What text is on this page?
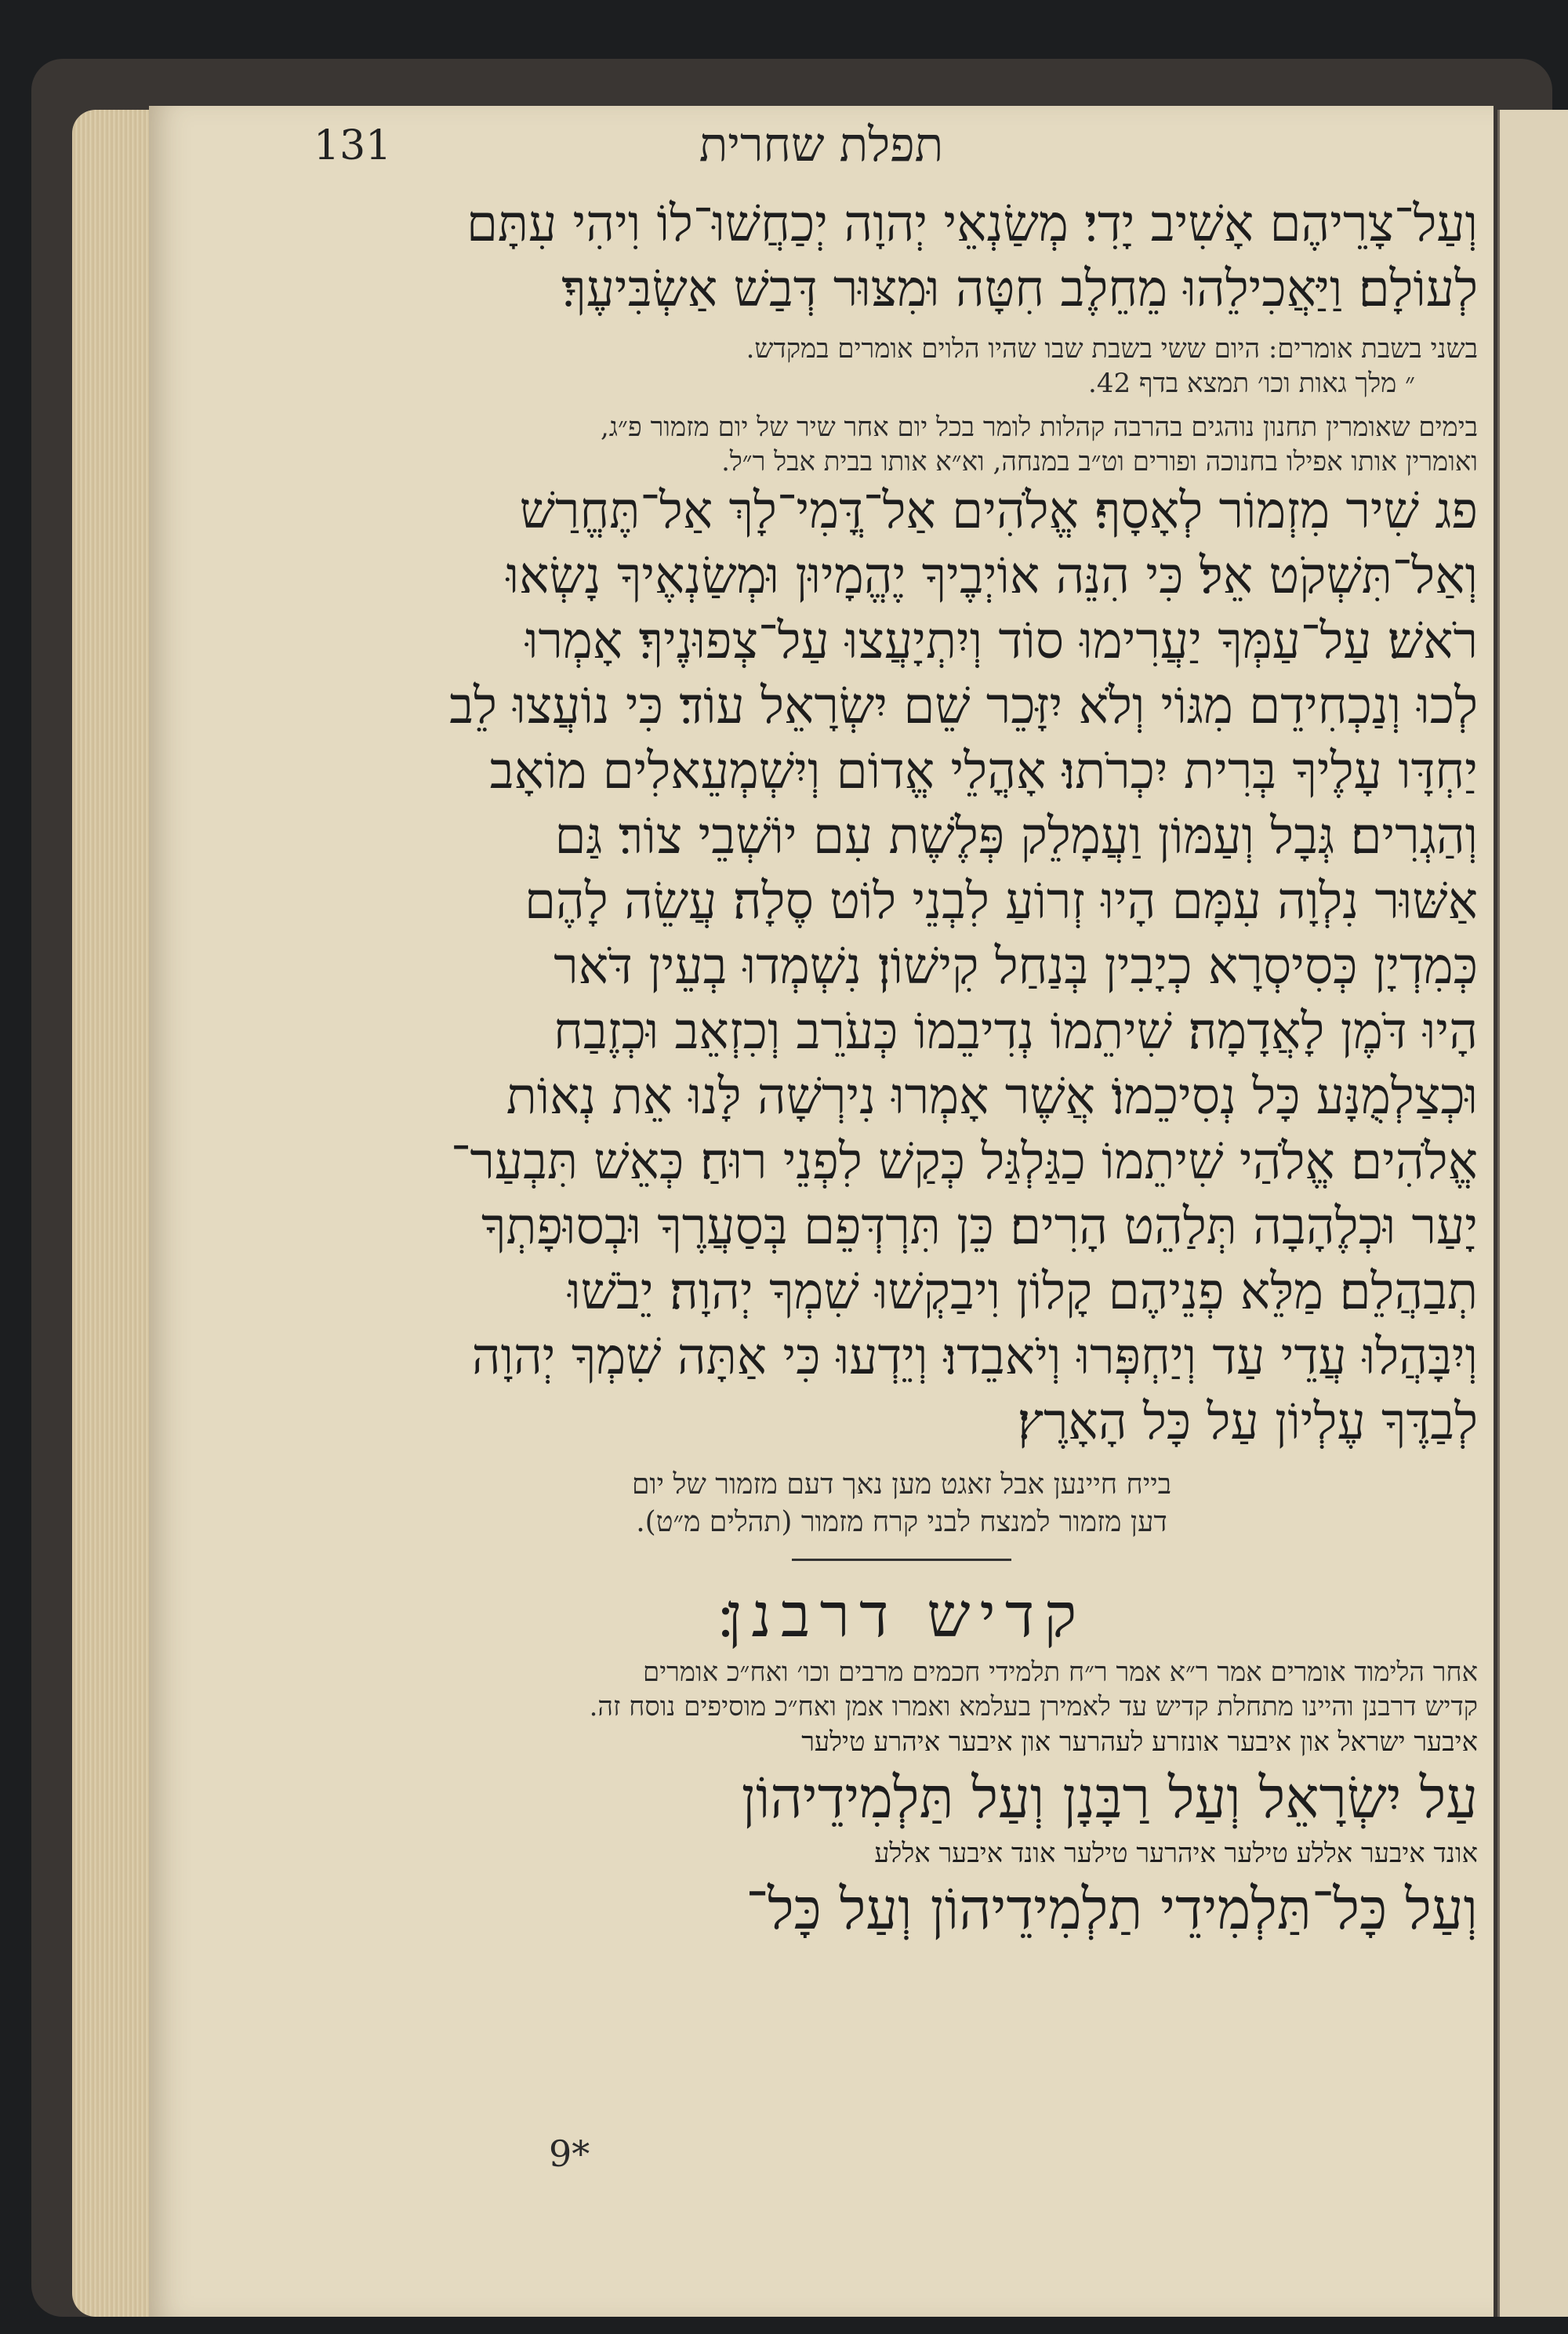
תפלת שחרית
131
וְעַל־צָרֵיהֶם אָשִׁיב יָדִי׃ מְשַׂנְאֵי יְהוָה יְכַחֲשׁוּ־לוֹ וִיהִי עִתָּם
לְעוֹלָם׃ וַיַּאֲכִילֵהוּ מֵחֵלֶב חִטָּה וּמִצּוּר דְּבַשׁ אַשְׂבִּיעֶךָ׃
בשני בשבת אומרים: היום ששי בשבת שבו שהיו הלוים אומרים במקדש.
״ מלך גאות וכו׳ תמצא בדף 42.
בימים שאומרין תחנון נוהגים בהרבה קהלות לומר בכל יום אחר שיר של יום מזמור פ״ג,
ואומרין אותו אפילו בחנוכה ופורים וט״ב במנחה, וא״א אותו בבית אבל ר״ל.
פג שִׁיר מִזְמוֹר לְאָסָף׃ אֱלֹהִים אַל־דֳּמִי־לָךְ אַל־תֶּחֱרַשׁ
וְאַל־תִּשְׁקֹט אֵל׃ כִּי הִנֵּה אוֹיְבֶיךָ יֶהֱמָיוּן וּמְשַׂנְאֶיךָ נָשְׂאוּ
רֹאשׁ׃ עַל־עַמְּךָ יַעֲרִימוּ סוֹד וְיִתְיָעֲצוּ עַל־צְפוּנֶיךָ׃ אָמְרוּ
לְכוּ וְנַכְחִידֵם מִגּוֹי וְלֹא יִזָּכֵר שֵׁם יִשְׂרָאֵל עוֹד׃ כִּי נוֹעֲצוּ לֵב
יַחְדָּו עָלֶיךָ בְּרִית יִכְרֹתוּ׃ אָהֳלֵי אֱדוֹם וְיִשְׁמְעֵאלִים מוֹאָב
וְהַגְרִים׃ גְּבָל וְעַמּוֹן וַעֲמָלֵק פְּלֶשֶׁת עִם יוֹשְׁבֵי צוֹר׃ גַּם
אַשּׁוּר נִלְוָה עִמָּם הָיוּ זְרוֹעַ לִבְנֵי לוֹט סֶלָה׃ עֲשֵׂה לָהֶם
כְּמִדְיָן כְּסִיסְרָא כְיָבִין בְּנַחַל קִישׁוֹן׃ נִשְׁמְדוּ בְעֵין דֹּאר
הָיוּ דֹּמֶן לָאֲדָמָה׃ שִׁיתֵמוֹ נְדִיבֵמוֹ כְּעֹרֵב וְכִזְאֵב וּכְזֶבַח
וּכְצַלְמֻנָּע כָּל נְסִיכֵמוֹ׃ אֲשֶׁר אָמְרוּ נִירְשָׁה לָּנוּ אֵת נְאוֹת
אֱלֹהִים׃ אֱלֹהַי שִׁיתֵמוֹ כַגַּלְגַּל כְּקַשׁ לִפְנֵי רוּחַ׃ כְּאֵשׁ תִּבְעַר־
יָעַר וּכְלֶהָבָה תְּלַהֵט הָרִים׃ כֵּן תִּרְדְּפֵם בְּסַעֲרֶךָ וּבְסוּפָתְךָ
תְבַהֲלֵם׃ מַלֵּא פְנֵיהֶם קָלוֹן וִיבַקְשׁוּ שִׁמְךָ יְהוָה׃ יֵבֹשׁוּ
וְיִבָּהֲלוּ עֲדֵי עַד וְיַחְפְּרוּ וְיֹאבֵדוּ׃ וְיֵדְעוּ כִּי אַתָּה שִׁמְךָ יְהוָה
לְבַדֶּךָ עֶלְיוֹן עַל כָּל הָאָרֶץ׃
בייח חיינען אבל זאגט מען נאך דעם מזמור של יום
דען מזמור למנצח לבני קרח מזמור (תהלים מ״ט).
קדיש דרבנן׃
אחר הלימוד אומרים אמר ר״א אמר ר״ח תלמידי חכמים מרבים וכו׳ ואח״כ אומרים
קדיש דרבנן והיינו מתחלת קדיש עד לאמירן בעלמא ואמרו אמן ואח״כ מוסיפים נוסח זה.
איבער ישראל און איבער אונזרע לעהרער און איבער איהרע טילער
עַל יִשְׂרָאֵל וְעַל רַבָּנָן וְעַל תַּלְמִידֵיהוֹן
אונד איבער אללע טילער איהרער טילער אונד איבער אללע
וְעַל כָּל־תַּלְמִידֵי תַלְמִידֵיהוֹן וְעַל כָּל־
9*
